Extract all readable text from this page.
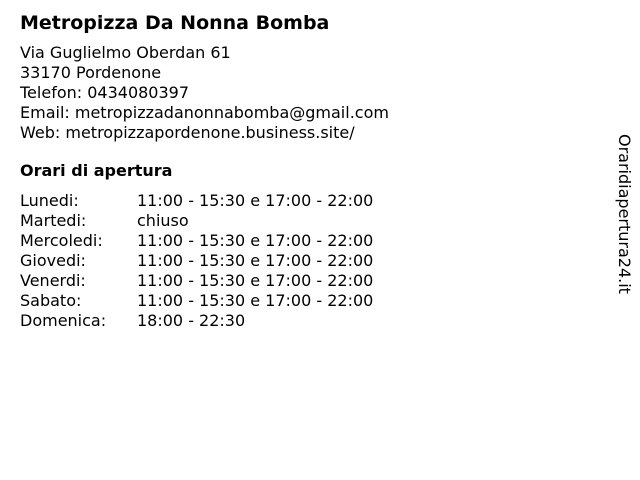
Metropizza Da Nonna Bomba
Via Guglielmo Oberdan 61
33170 Pordenone
Telefon: 0434080397
Email: metropizzadanonnabomba@gmail.com
Web: metropizzapordenone.business.site/
Orari di apertura
Lunedi:	11:00 - 15:30 e 17:00 - 22:00
Martedi:	chiuso
Mercoledi:	11:00 - 15:30 e 17:00 - 22:00
Giovedi:	11:00 - 15:30 e 17:00 - 22:00
Venerdi:	11:00 - 15:30 e 17:00 - 22:00
Sabato:	11:00 - 15:30 e 17:00 - 22:00
Domenica:	18:00 - 22:30
Oraridiapertura24.it
